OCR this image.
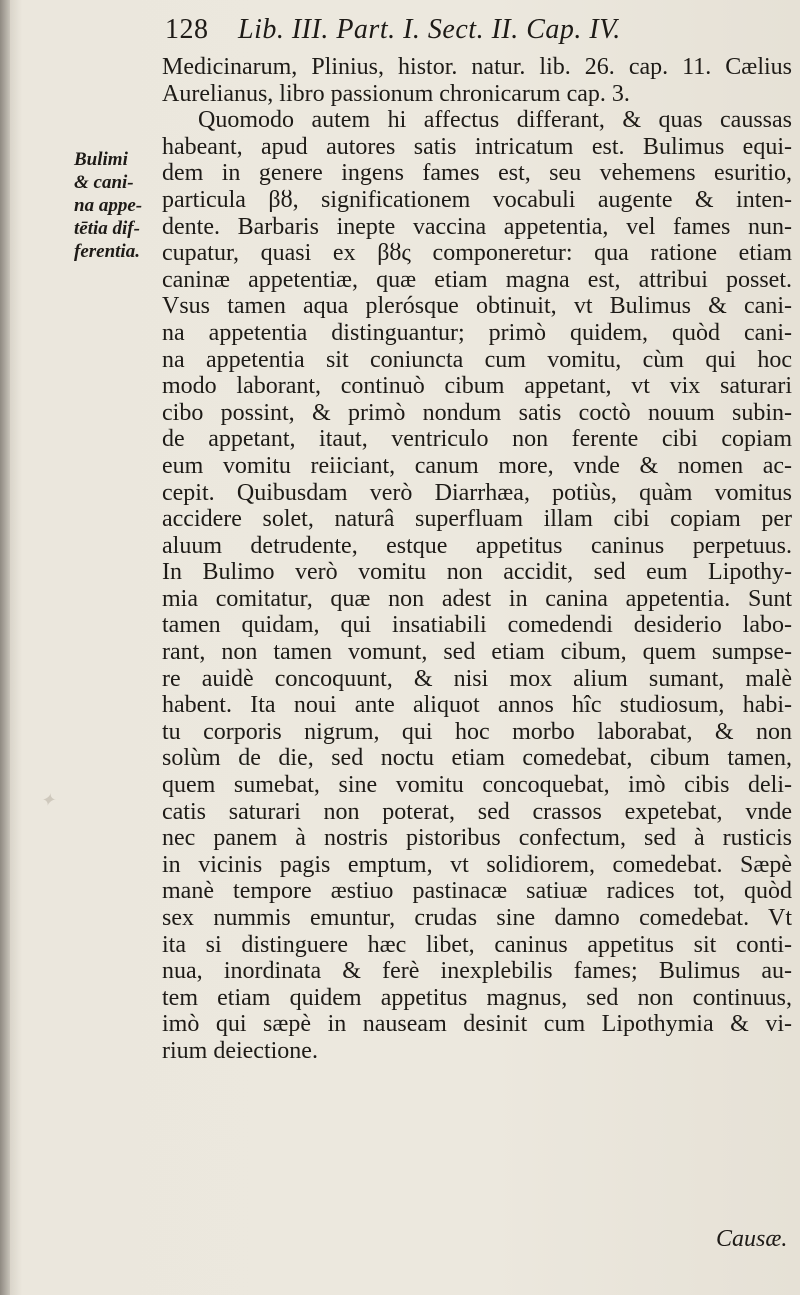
128 Lib. III. Part. I. Sect. II. Cap. IV.
Bulimi
& cani-
na appe-
tētia dif-
ferentia.
Medicinarum, Plinius, histor. natur. lib. 26. cap. 11. Cælius
Aurelianus, libro passionum chronicarum cap. 3.
Quomodo autem hi affectus differant, & quas caussas
habeant, apud autores satis intricatum est. Bulimus equi-
dem in genere ingens fames est, seu vehemens esuritio,
particula βȣ, significationem vocabuli augente & inten-
dente. Barbaris inepte vaccina appetentia, vel fames nun-
cupatur, quasi ex βȣς componeretur: qua ratione etiam
caninæ appetentiæ, quæ etiam magna est, attribui posset.
Vsus tamen aqua plerósque obtinuit, vt Bulimus & cani-
na appetentia distinguantur; primò quidem, quòd cani-
na appetentia sit coniuncta cum vomitu, cùm qui hoc
modo laborant, continuò cibum appetant, vt vix saturari
cibo possint, & primò nondum satis coctò nouum subin-
de appetant, itaut, ventriculo non ferente cibi copiam
eum vomitu reiiciant, canum more, vnde & nomen ac-
cepit. Quibusdam verò Diarrhæa, potiùs, quàm vomitus
accidere solet, naturâ superfluam illam cibi copiam per
aluum detrudente, estque appetitus caninus perpetuus.
In Bulimo verò vomitu non accidit, sed eum Lipothy-
mia comitatur, quæ non adest in canina appetentia. Sunt
tamen quidam, qui insatiabili comedendi desiderio labo-
rant, non tamen vomunt, sed etiam cibum, quem sumpse-
re auidè concoquunt, & nisi mox alium sumant, malè
habent. Ita noui ante aliquot annos hîc studiosum, habi-
tu corporis nigrum, qui hoc morbo laborabat, & non
solùm de die, sed noctu etiam comedebat, cibum tamen,
quem sumebat, sine vomitu concoquebat, imò cibis deli-
catis saturari non poterat, sed crassos expetebat, vnde
nec panem à nostris pistoribus confectum, sed à rusticis
in vicinis pagis emptum, vt solidiorem, comedebat. Sæpè
manè tempore æstiuo pastinacæ satiuæ radices tot, quòd
sex nummis emuntur, crudas sine damno comedebat. Vt
ita si distinguere hæc libet, caninus appetitus sit conti-
nua, inordinata & ferè inexplebilis fames; Bulimus au-
tem etiam quidem appetitus magnus, sed non continuus,
imò qui sæpè in nauseam desinit cum Lipothymia & vi-
rium deiectione.
Causæ.
✦
